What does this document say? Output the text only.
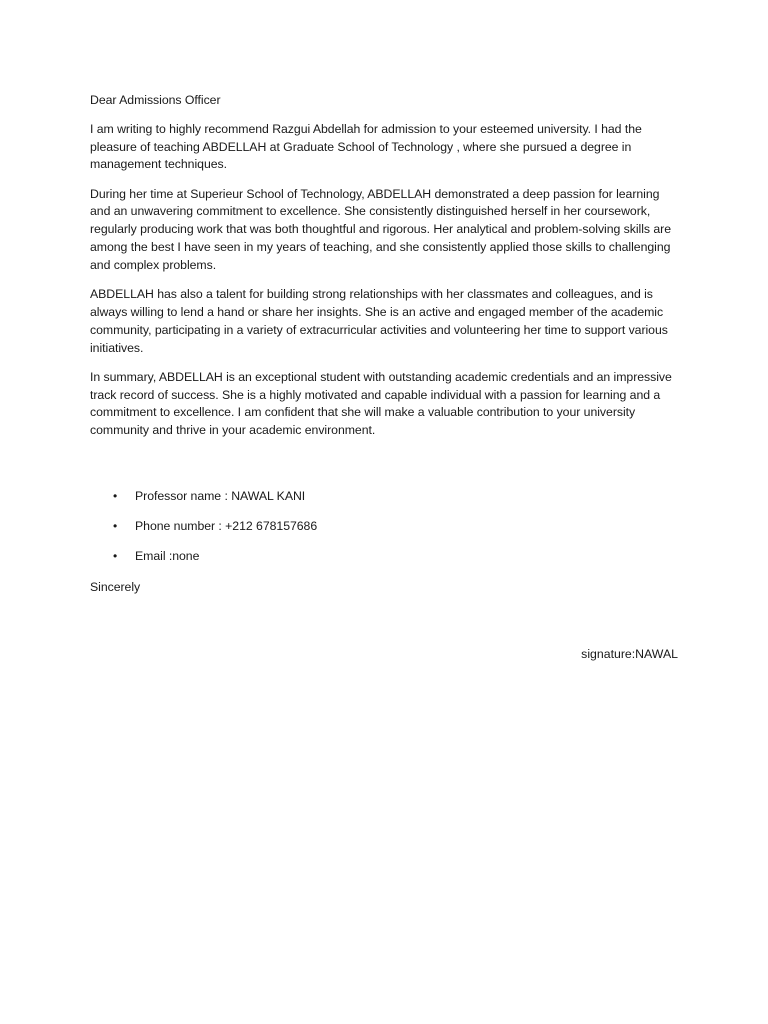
Dear Admissions Officer

I am writing to highly recommend Razgui Abdellah for admission to your esteemed university. I had the pleasure of teaching ABDELLAH at Graduate School of Technology , where she pursued a degree in management techniques.

During her time at Superieur School of Technology, ABDELLAH demonstrated a deep passion for learning and an unwavering commitment to excellence. She consistently distinguished herself in her coursework, regularly producing work that was both thoughtful and rigorous. Her analytical and problem-solving skills are among the best I have seen in my years of teaching, and she consistently applied those skills to challenging and complex problems.

ABDELLAH has also a talent for building strong relationships with her classmates and colleagues, and is always willing to lend a hand or share her insights. She is an active and engaged member of the academic community, participating in a variety of extracurricular activities and volunteering her time to support various initiatives.

In summary, ABDELLAH is an exceptional student with outstanding academic credentials and an impressive track record of success. She is a highly motivated and capable individual with a passion for learning and a commitment to excellence. I am confident that she will make a valuable contribution to your university community and thrive in your academic environment.

• Professor name : NAWAL KANI
• Phone number : +212 678157686
• Email :none

Sincerely

signature:NAWAL
